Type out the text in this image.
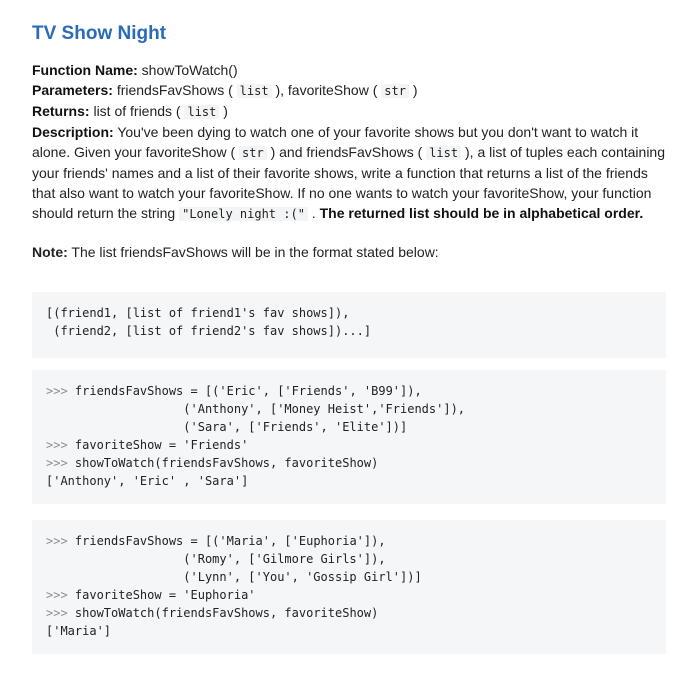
TV Show Night

Function Name: showToWatch()

Parameters: friendsFavShows ( list ), favoriteShow ( str )

Returns: list of friends ( list )

Description: You've been dying to watch one of your favorite shows but you don't want to watch it alone. Given your favoriteShow ( str ) and friendsFavShows ( list ), a list of tuples each containing your friends' names and a list of their favorite shows, write a function that returns a list of the friends that also want to watch your favoriteShow. If no one wants to watch your favoriteShow, your function should return the string "Lonely night :(" . The returned list should be in alphabetical order.

Note: The list friendsFavShows will be in the format stated below:

[(friend1, [list of friend1's fav shows]),
(friend2, [list of friend2's fav shows])...]
>>> friendsFavShows = [('Eric', ['Friends', 'B99']),
('Anthony', ['Money Heist','Friends']),
('Sara', ['Friends', 'Elite'])]
>>> favoriteShow = 'Friends'
>>> showToWatch(friendsFavShows, favoriteShow)
['Anthony', 'Eric' , 'Sara']
>>> friendsFavShows = [('Maria', ['Euphoria']),
('Romy', ['Gilmore Girls']),
('Lynn', ['You', 'Gossip Girl'])]
>>> favoriteShow = 'Euphoria'
>>> showToWatch(friendsFavShows, favoriteShow)
['Maria']
